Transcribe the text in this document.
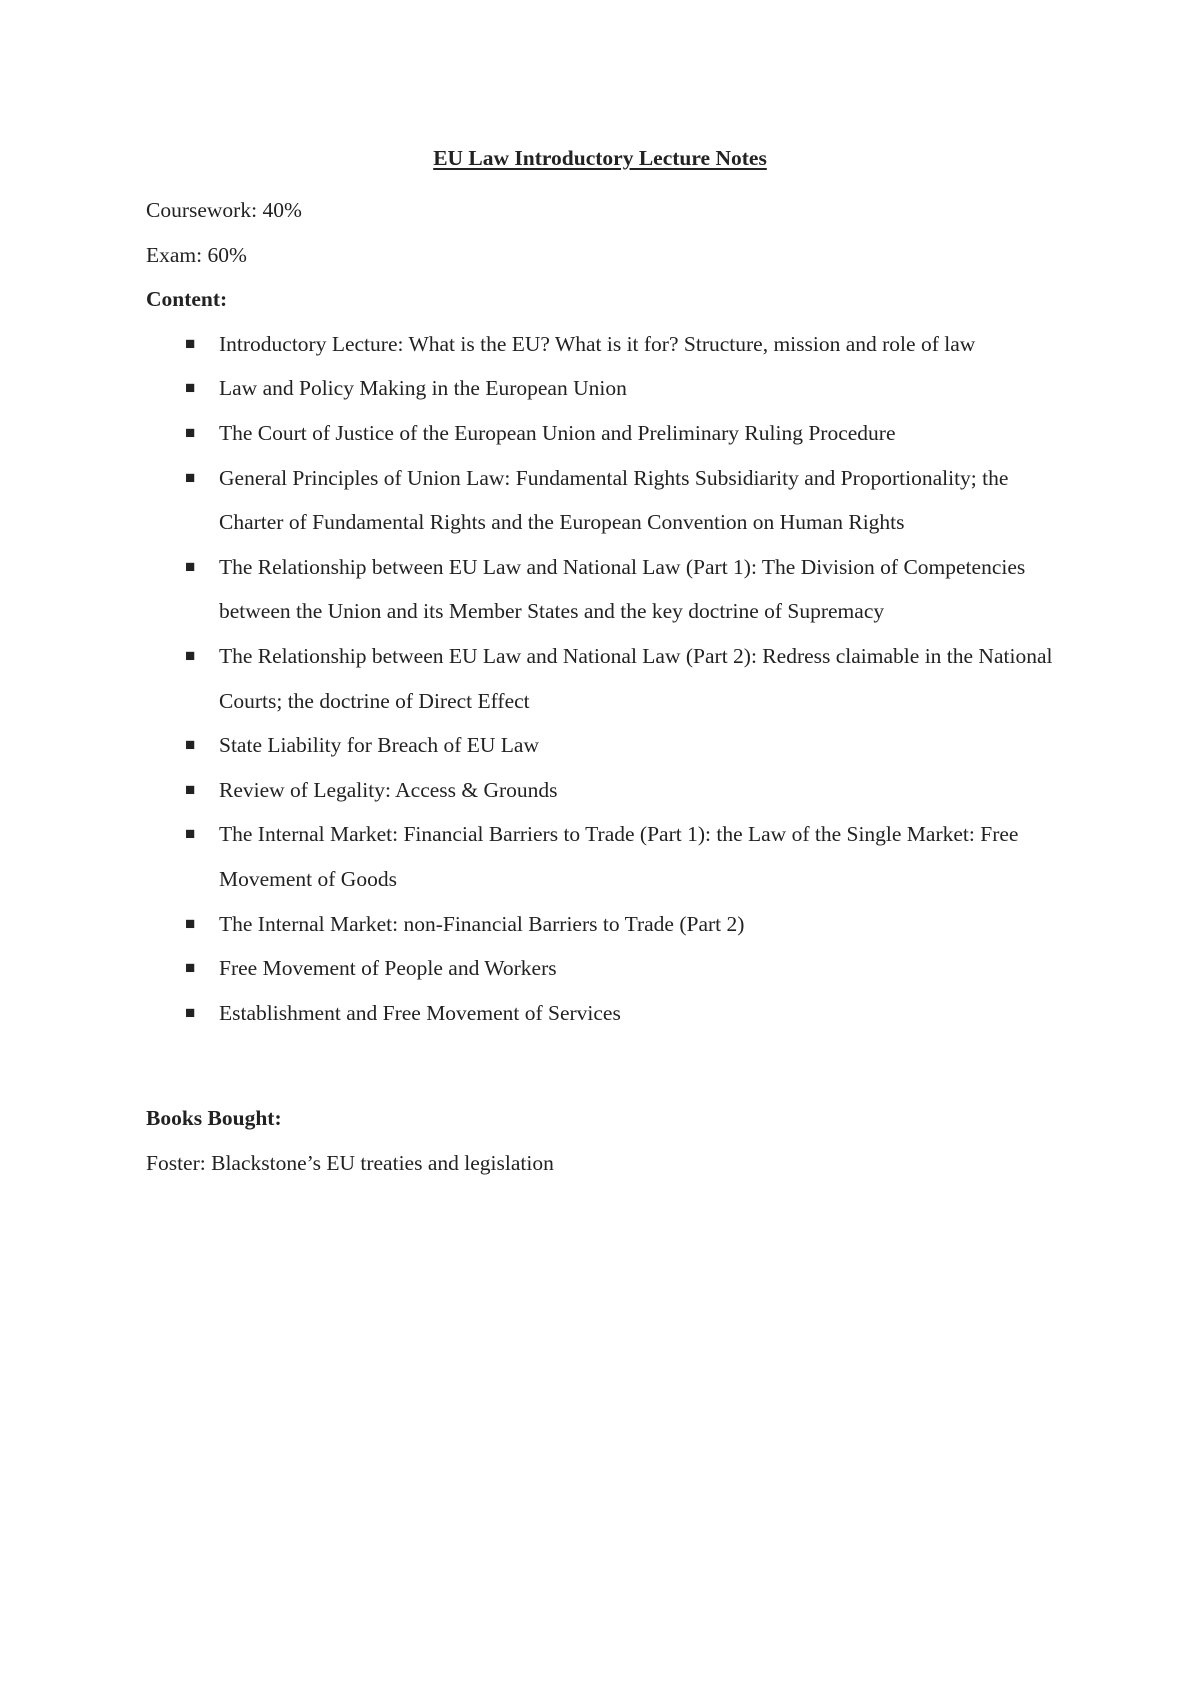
EU Law Introductory Lecture Notes

Coursework: 40%

Exam: 60%

Content:

■ Introductory Lecture: What is the EU? What is it for? Structure, mission and role of law
■ Law and Policy Making in the European Union
■ The Court of Justice of the European Union and Preliminary Ruling Procedure
■ General Principles of Union Law: Fundamental Rights Subsidiarity and Proportionality; the Charter of Fundamental Rights and the European Convention on Human Rights
■ The Relationship between EU Law and National Law (Part 1): The Division of Competencies between the Union and its Member States and the key doctrine of Supremacy
■ The Relationship between EU Law and National Law (Part 2): Redress claimable in the National Courts; the doctrine of Direct Effect
■ State Liability for Breach of EU Law
■ Review of Legality: Access & Grounds
■ The Internal Market: Financial Barriers to Trade (Part 1): the Law of the Single Market: Free Movement of Goods
■ The Internal Market: non-Financial Barriers to Trade (Part 2)
■ Free Movement of People and Workers
■ Establishment and Free Movement of Services

Books Bought:

Foster: Blackstone’s EU treaties and legislation
